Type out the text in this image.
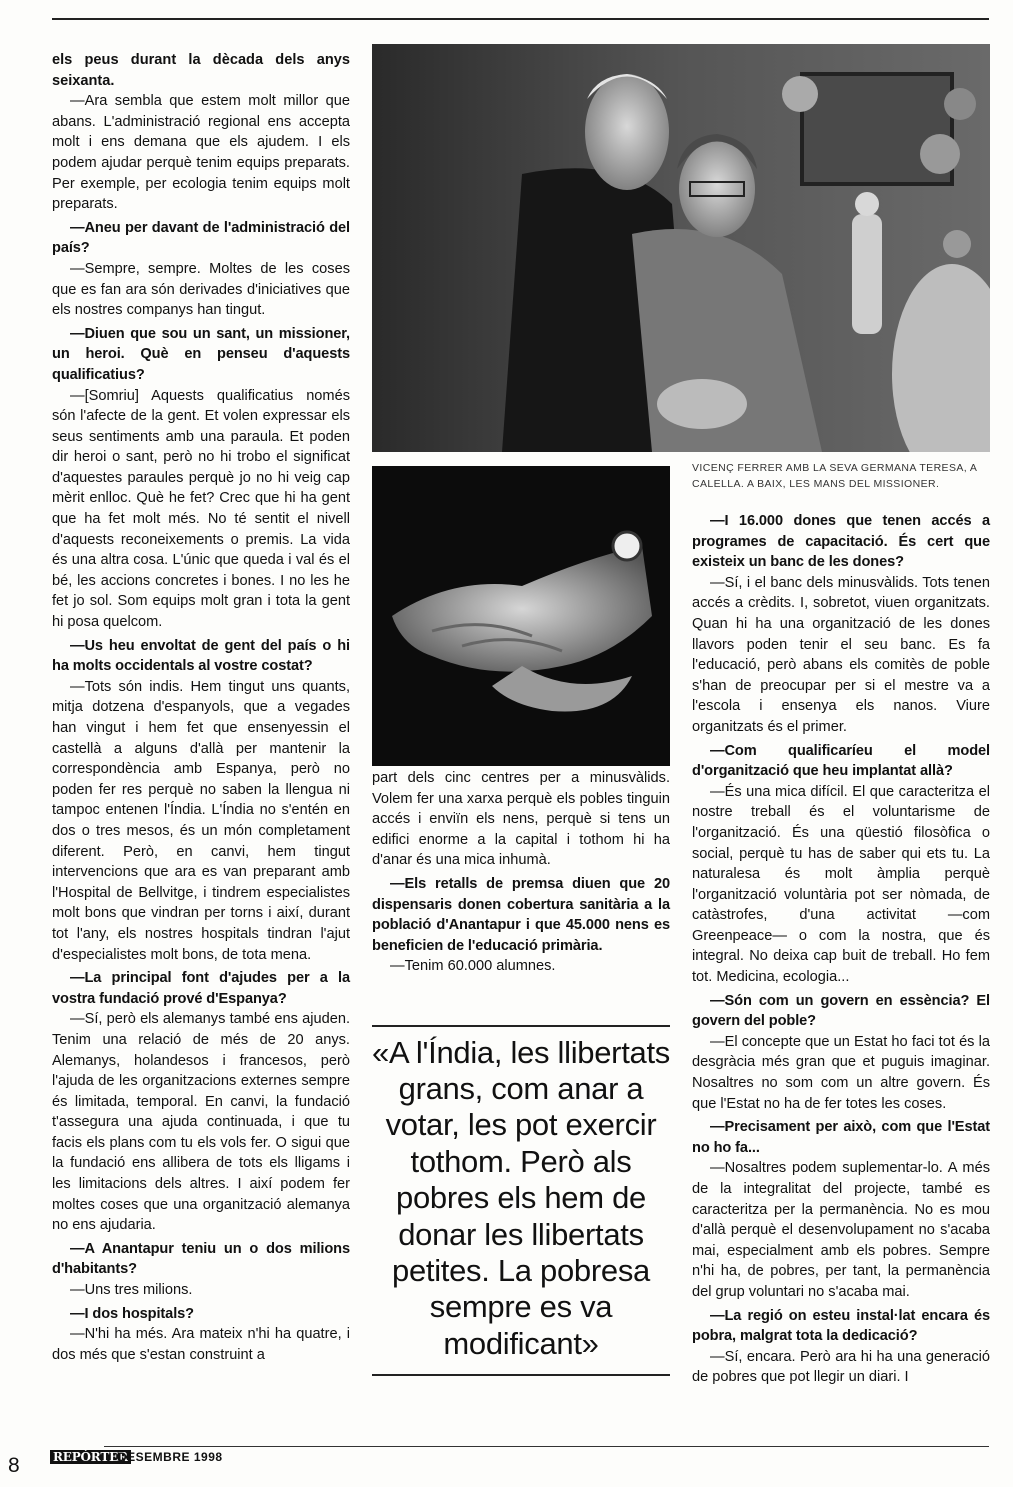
VICENÇ FERRER AMB LA SEVA GERMANA TERESA, A CALELLA. A BAIX, LES MANS DEL MISSIONER.

els peus durant la dècada dels anys seixanta.

—Ara sembla que estem molt millor que abans. L'administració regional ens accepta molt i ens demana que els ajudem. I els podem ajudar perquè tenim equips preparats. Per exemple, per ecologia tenim equips molt preparats.

—Aneu per davant de l'administració del país?

—Sempre, sempre. Moltes de les coses que es fan ara són derivades d'iniciatives que els nostres companys han tingut.

—Diuen que sou un sant, un missioner, un heroi. Què en penseu d'aquests qualificatius?

—[Somriu] Aquests qualificatius només són l'afecte de la gent. Et volen expressar els seus sentiments amb una paraula. Et poden dir heroi o sant, però no hi trobo el significat d'aquestes paraules perquè jo no hi veig cap mèrit enlloc. Què he fet? Crec que hi ha gent que ha fet molt més. No té sentit el nivell d'aquests reconeixements o premis. La vida és una altra cosa. L'únic que queda i val és el bé, les accions concretes i bones. I no les he fet jo sol. Som equips molt gran i tota la gent hi posa quelcom.

—Us heu envoltat de gent del país o hi ha molts occidentals al vostre costat?

—Tots són indis. Hem tingut uns quants, mitja dotzena d'espanyols, que a vegades han vingut i hem fet que ensenyessin el castellà a alguns d'allà per mantenir la correspondència amb Espanya, però no poden fer res perquè no saben la llengua ni tampoc entenen l'Índia. L'Índia no s'entén en dos o tres mesos, és un món completament diferent. Però, en canvi, hem tingut intervencions que ara es van preparant amb l'Hospital de Bellvitge, i tindrem especialistes molt bons que vindran per torns i així, durant tot l'any, els nostres hospitals tindran l'ajut d'especialistes molt bons, de tota mena.

—La principal font d'ajudes per a la vostra fundació prové d'Espanya?

—Sí, però els alemanys també ens ajuden. Tenim una relació de més de 20 anys. Alemanys, holandesos i francesos, però l'ajuda de les organitzacions externes sempre és limitada, temporal. En canvi, la fundació t'assegura una ajuda continuada, i que tu facis els plans com tu els vols fer. O sigui que la fundació ens allibera de tots els lligams i les limitacions dels altres. I així podem fer moltes coses que una organització alemanya no ens ajudaria.

—A Anantapur teniu un o dos milions d'habitants?

—Uns tres milions.

—I dos hospitals?

—N'hi ha més. Ara mateix n'hi ha quatre, i dos més que s'estan construint a

part dels cinc centres per a minusvàlids. Volem fer una xarxa perquè els pobles tinguin accés i enviïn els nens, perquè si tens un edifici enorme a la capital i tothom hi ha d'anar és una mica inhumà.

—Els retalls de premsa diuen que 20 dispensaris donen cobertura sanitària a la població d'Anantapur i que 45.000 nens es beneficien de l'educació primària.

—Tenim 60.000 alumnes.

«A l'Índia, les llibertats grans, com anar a votar, les pot exercir tothom. Però als pobres els hem de donar les llibertats petites. La pobresa sempre es va modificant»

—I 16.000 dones que tenen accés a programes de capacitació. És cert que existeix un banc de les dones?

—Sí, i el banc dels minusvàlids. Tots tenen accés a crèdits. I, sobretot, viuen organitzats. Quan hi ha una organització de les dones llavors poden tenir el seu banc. Es fa l'educació, però abans els comitès de poble s'han de preocupar per si el mestre va a l'escola i ensenya els nanos. Viure organitzats és el primer.

—Com qualificaríeu el model d'organització que heu implantat allà?

—És una mica difícil. El que caracteritza el nostre treball és el voluntarisme de l'organització. És una qüestió filosòfica o social, perquè tu has de saber qui ets tu. La naturalesa és molt àmplia perquè l'organització voluntària pot ser nòmada, de catàstrofes, d'una activitat —com Greenpeace— o com la nostra, que és integral. No deixa cap buit de treball. Ho fem tot. Medicina, ecologia...

—Són com un govern en essència? El govern del poble?

—El concepte que un Estat ho faci tot és la desgràcia més gran que et puguis imaginar. Nosaltres no som com un altre govern. És que l'Estat no ha de fer totes les coses.

—Precisament per això, com que l'Estat no ho fa...

—Nosaltres podem suplementar-lo. A més de la integralitat del projecte, també es caracteritza per la permanència. No es mou d'allà perquè el desenvolupament no s'acaba mai, especialment amb els pobres. Sempre n'hi ha, de pobres, per tant, la permanència del grup voluntari no s'acaba mai.

—La regió on esteu instal·lat encara és pobra, malgrat tota la dedicació?

—Sí, encara. Però ara hi ha una generació de pobres que pot llegir un diari. I

8	REPÒRTER
DESEMBRE 1998
